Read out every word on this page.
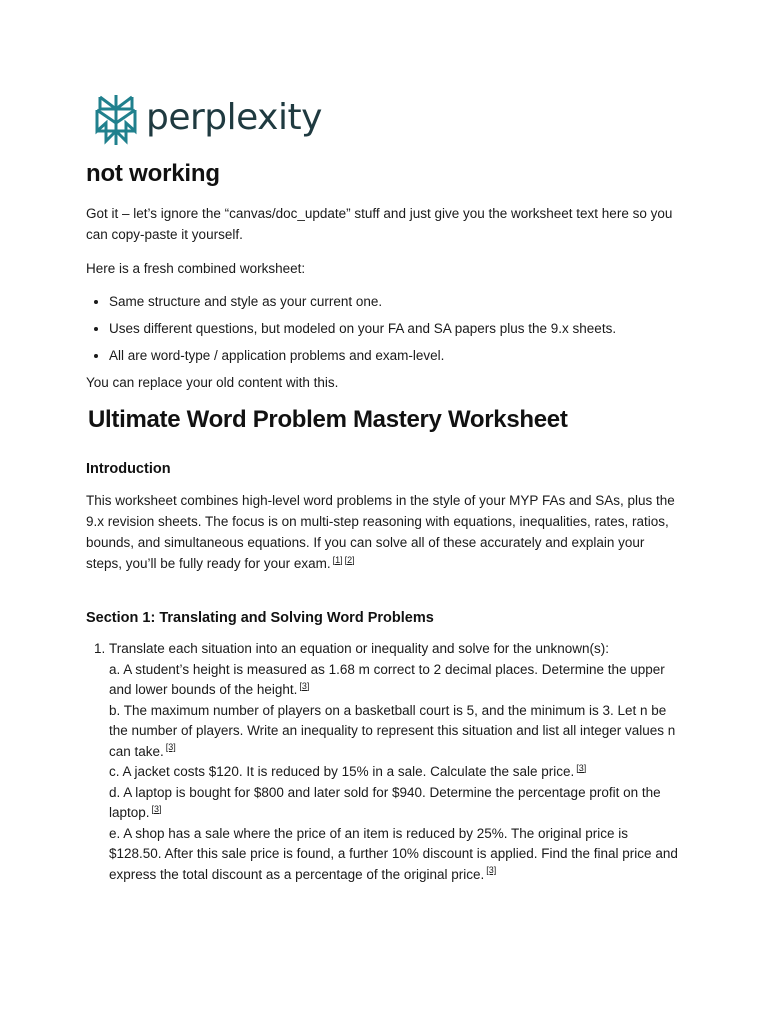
perplexity
not working

Got it – let’s ignore the “canvas/doc_update” stuff and just give you the worksheet text here so you can copy-paste it yourself.

Here is a fresh combined worksheet:

• Same structure and style as your current one.
• Uses different questions, but modeled on your FA and SA papers plus the 9.x sheets.
• All are word-type / application problems and exam-level.

You can replace your old content with this.

Ultimate Word Problem Mastery Worksheet
Introduction

This worksheet combines high-level word problems in the style of your MYP FAs and SAs, plus the 9.x revision sheets. The focus is on multi-step reasoning with equations, inequalities, rates, ratios, bounds, and simultaneous equations. If you can solve all of these accurately and explain your steps, you’ll be fully ready for your exam. [1] [2]

Section 1: Translating and Solving Word Problems
1. Translate each situation into an equation or inequality and solve for the unknown(s):
a. A student’s height is measured as 1.68 m correct to 2 decimal places. Determine the upper and lower bounds of the height. [3]
b. The maximum number of players on a basketball court is 5, and the minimum is 3. Let n be the number of players. Write an inequality to represent this situation and list all integer values n can take. [3]
c. A jacket costs $120. It is reduced by 15% in a sale. Calculate the sale price. [3]
d. A laptop is bought for $800 and later sold for $940. Determine the percentage profit on the laptop. [3]
e. A shop has a sale where the price of an item is reduced by 25%. The original price is $128.50. After this sale price is found, a further 10% discount is applied. Find the final price and express the total discount as a percentage of the original price. [3]
